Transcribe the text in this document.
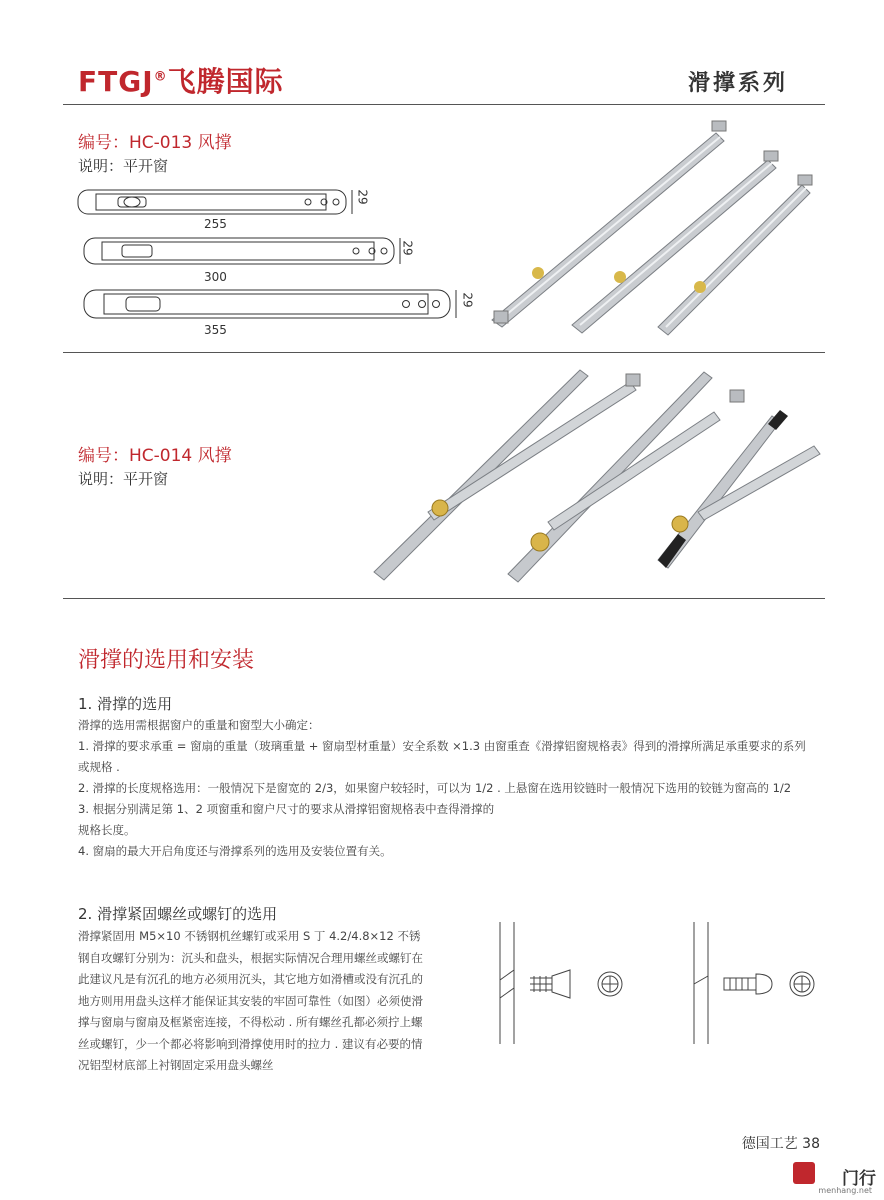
FTGJ®飞腾国际	滑撑系列
编号：HC-013 风撑
说明：平开窗
255
29
300
29
355
29
编号：HC-014 风撑
说明：平开窗
滑撑的选用和安装
1. 滑撑的选用
滑撑的选用需根据窗户的重量和窗型大小确定：
1. 滑撑的要求承重 = 窗扇的重量（玻璃重量 + 窗扇型材重量）安全系数 ×1.3 由窗重查《滑撑铝窗规格表》得到的滑撑所满足承重要求的系列
或规格 .
2. 滑撑的长度规格选用：一般情况下是窗宽的 2/3，如果窗户较轻时，可以为 1/2 . 上悬窗在选用铰链时一般情况下选用的铰链为窗高的 1/2
3. 根据分别满足第 1、2 项窗重和窗户尺寸的要求从滑撑铝窗规格表中查得滑撑的
规格长度。
4. 窗扇的最大开启角度还与滑撑系列的选用及安装位置有关。
2. 滑撑紧固螺丝或螺钉的选用
滑撑紧固用 M5×10 不锈钢机丝螺钉或采用 S 丁 4.2/4.8×12 不锈
钢自攻螺钉分别为：沉头和盘头，根据实际情况合理用螺丝或螺钉在
此建议凡是有沉孔的地方必须用沉头，其它地方如滑槽或没有沉孔的
地方则用用盘头这样才能保证其安装的牢固可靠性（如图）必须使滑
撑与窗扇与窗扇及框紧密连接，不得松动 . 所有螺丝孔都必须拧上螺
丝或螺钉，少一个都必将影响到滑撑使用时的拉力 . 建议有必要的情
况铝型材底部上衬钢固定采用盘头螺丝
德国工艺 38
门行
menhang.net
